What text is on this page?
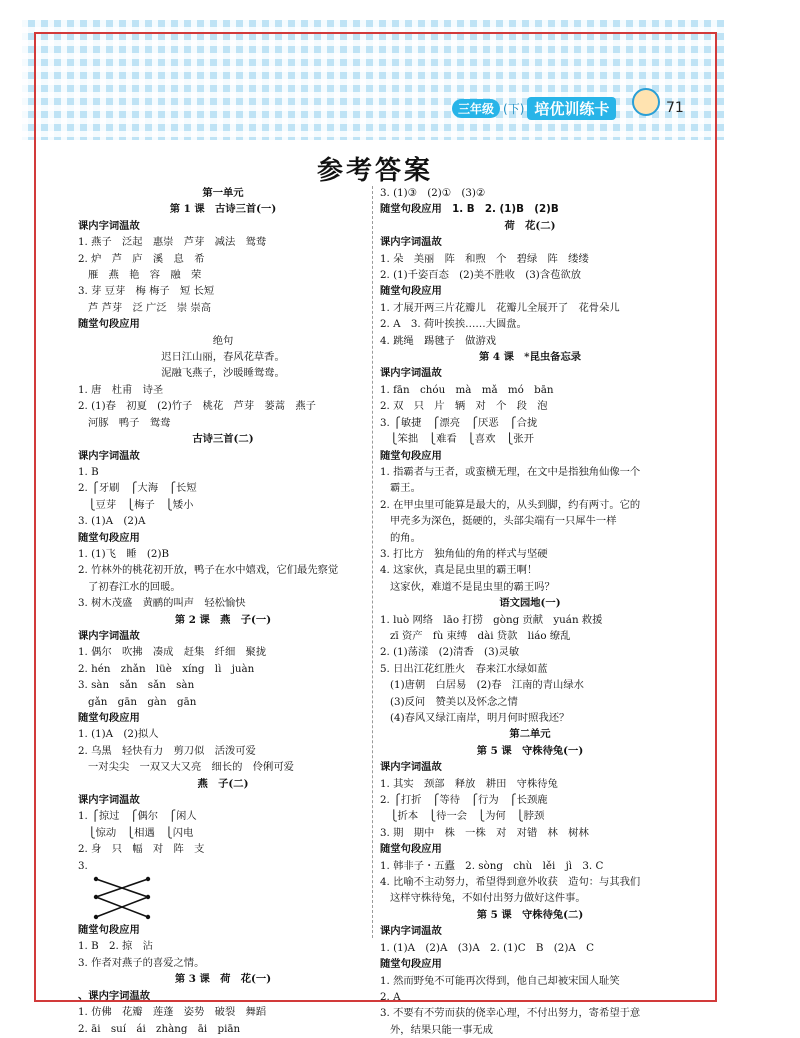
三年级 (下) 培优训练卡	71
参考答案
第一单元
第 1 课　古诗三首(一)
课内字词温故
1. 燕子　泛起　惠崇　芦芽　减法　鸳鸯
2. 炉　芦　庐　溪　息　希
雁　燕　艳　容　融　荣
3. 芽 豆芽　梅 梅子　短 长短
芦 芦芽　泛 广泛　崇 崇高
随堂句段应用
绝句
迟日江山丽，春风花草香。
泥融飞燕子，沙暖睡鸳鸯。
1. 唐　杜甫　诗圣
2. (1)春　初夏　(2)竹子　桃花　芦芽　蒌蒿　燕子
河豚　鸭子　鸳鸯
古诗三首(二)
课内字词温故
1. B
2. ⎧牙刷　⎧大海　⎧长短
⎩豆芽　⎩梅子　⎩矮小
3. (1)A　(2)A
随堂句段应用
1. (1)飞　睡　(2)B
2. 竹林外的桃花初开放，鸭子在水中嬉戏，它们最先察觉
了初春江水的回暖。
3. 树木茂盛　黄鹂的叫声　轻松愉快
第 2 课　燕　子(一)
课内字词温故
1. 偶尔　吹拂　凑成　赶集　纤细　聚拢
2. hén　zhǎn　lüè　xíng　lì　juàn
3. sàn　sǎn　sǎn　sàn
gǎn　gān　gàn　gān
随堂句段应用
1. (1)A　(2)拟人
2. 乌黑　轻快有力　剪刀似　活泼可爱
一对尖尖　一双又大又亮　细长的　伶俐可爱
燕　子(二)
课内字词温故
1. ⎧掠过　⎧偶尔　⎧闲人
⎩惊动　⎩相遇　⎩闪电
2. 身　只　幅　对　阵　支
3.
随堂句段应用
1. B　2. 掠　沾
3. 作者对燕子的喜爱之情。
第 3 课　荷　花(一)
、课内字词温故
1. 仿佛　花瓣　莲蓬　姿势　破裂　舞蹈
2. āi　suí　ái　zhàng　āi　piān
3. (1)③　(2)①　(3)②
随堂句段应用　1. B　2. (1)B　(2)B
荷　花(二)
课内字词温故
1. 朵　美丽　阵　和煦　个　碧绿　阵　缕缕
2. (1)千姿百态　(2)美不胜收　(3)含苞欲放
随堂句段应用
1. 才展开两三片花瓣儿　花瓣儿全展开了　花骨朵儿
2. A　3. 荷叶挨挨……大圆盘。
4. 跳绳　踢毽子　做游戏
第 4 课　*昆虫备忘录
课内字词温故
1. fān　chóu　mà　mǎ　mó　bān
2. 双　只　片　辆　对　个　段　泡
3. ⎧敏捷　⎧漂亮　⎧厌恶　⎧合拢
⎩笨拙　⎩难看　⎩喜欢　⎩张开
随堂句段应用
1. 指霸者与王者，或蛮横无理，在文中是指独角仙像一个
霸王。
2. 在甲虫里可能算是最大的，从头到脚，约有两寸。它的
甲壳多为深色，挺硬的，头部尖端有一只犀牛一样
的角。
3. 打比方　独角仙的角的样式与坚硬
4. 这家伙，真是昆虫里的霸王啊！
这家伙，难道不是昆虫里的霸王吗？
语文园地(一)
1. luò 网络　lāo 打捞　gòng 贡献　yuán 救援
zī 资产　fù 束缚　dài 贷款　liáo 缭乱
2. (1)荡漾　(2)清香　(3)灵敏
5. 日出江花红胜火　春来江水绿如蓝
(1)唐朝　白居易　(2)春　江南的青山绿水
(3)反问　赞美以及怀念之情
(4)春风又绿江南岸，明月何时照我还？
第二单元
第 5 课　守株待兔(一)
课内字词温故
1. 其实　颈部　释放　耕田　守株待兔
2. ⎧打折　⎧等待　⎧行为　⎧长颈鹿
⎩折本　⎩待一会　⎩为何　⎩脖颈
3. 期　期中　株　一株　对　对错　林　树林
随堂句段应用
1. 韩非子・五蠹　2. sòng　chù　lěi　jì　3. C
4. 比喻不主动努力，希望得到意外收获　造句：与其我们
这样守株待兔，不如付出努力做好这件事。
第 5 课　守株待兔(二)
课内字词温故
1. (1)A　(2)A　(3)A　2. (1)C　B　(2)A　C
随堂句段应用
1. 然而野兔不可能再次得到，他自己却被宋国人耻笑
2. A
3. 不要有不劳而获的侥幸心理，不付出努力，寄希望于意
外，结果只能一事无成
